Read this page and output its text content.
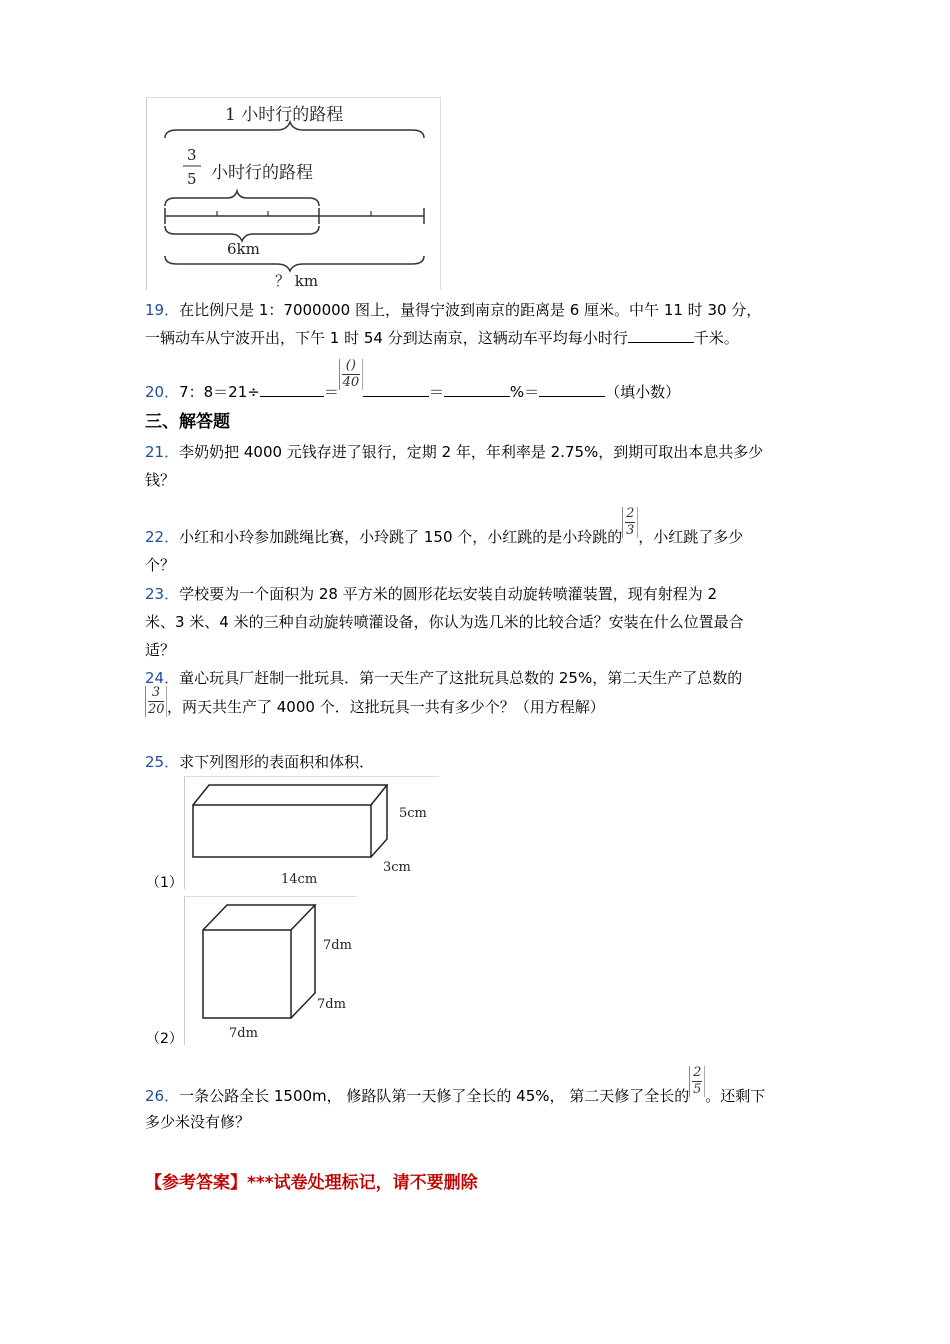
1 小时行的路程
3
5 小时行的路程
6km
？ km
19．在比例尺是 1：7000000 图上，量得宁波到南京的距离是 6 厘米。中午 11 时 30 分，
一辆动车从宁波开出，下午 1 时 54 分到达南京，这辆动车平均每小时行	千米。
20．7：8＝21÷	＝()
40＝	%＝	（填小数）
三、解答题
21．李奶奶把 4000 元钱存进了银行，定期 2 年，年利率是 2.75%，到期可取出本息共多少
钱？
22．小红和小玲参加跳绳比赛，小玲跳了 150 个，小红跳的是小玲跳的$\frac{2}{3}$，小红跳了多少
个？
23．学校要为一个面积为 28 平方米的圆形花坛安装自动旋转喷灌装置，现有射程为 2
米、3 米、4 米的三种自动旋转喷灌设备，你认为选几米的比较合适？安装在什么位置最合
适？
24．童心玩具厂赶制一批玩具．第一天生产了这批玩具总数的 25%，第二天生产了总数的
$\frac{3}{20}$，两天共生产了 4000 个．这批玩具一共有多少个？（用方程解）
25．求下列图形的表面积和体积．
5cm
3cm
14cm
（1）
7dm
7dm
7dm
（2）
26．一条公路全长 1500m， 修路队第一天修了全长的 45%， 第二天修了全长的$\frac{2}{5}$。还剩下
多少米没有修？
【参考答案】***试卷处理标记，请不要删除
